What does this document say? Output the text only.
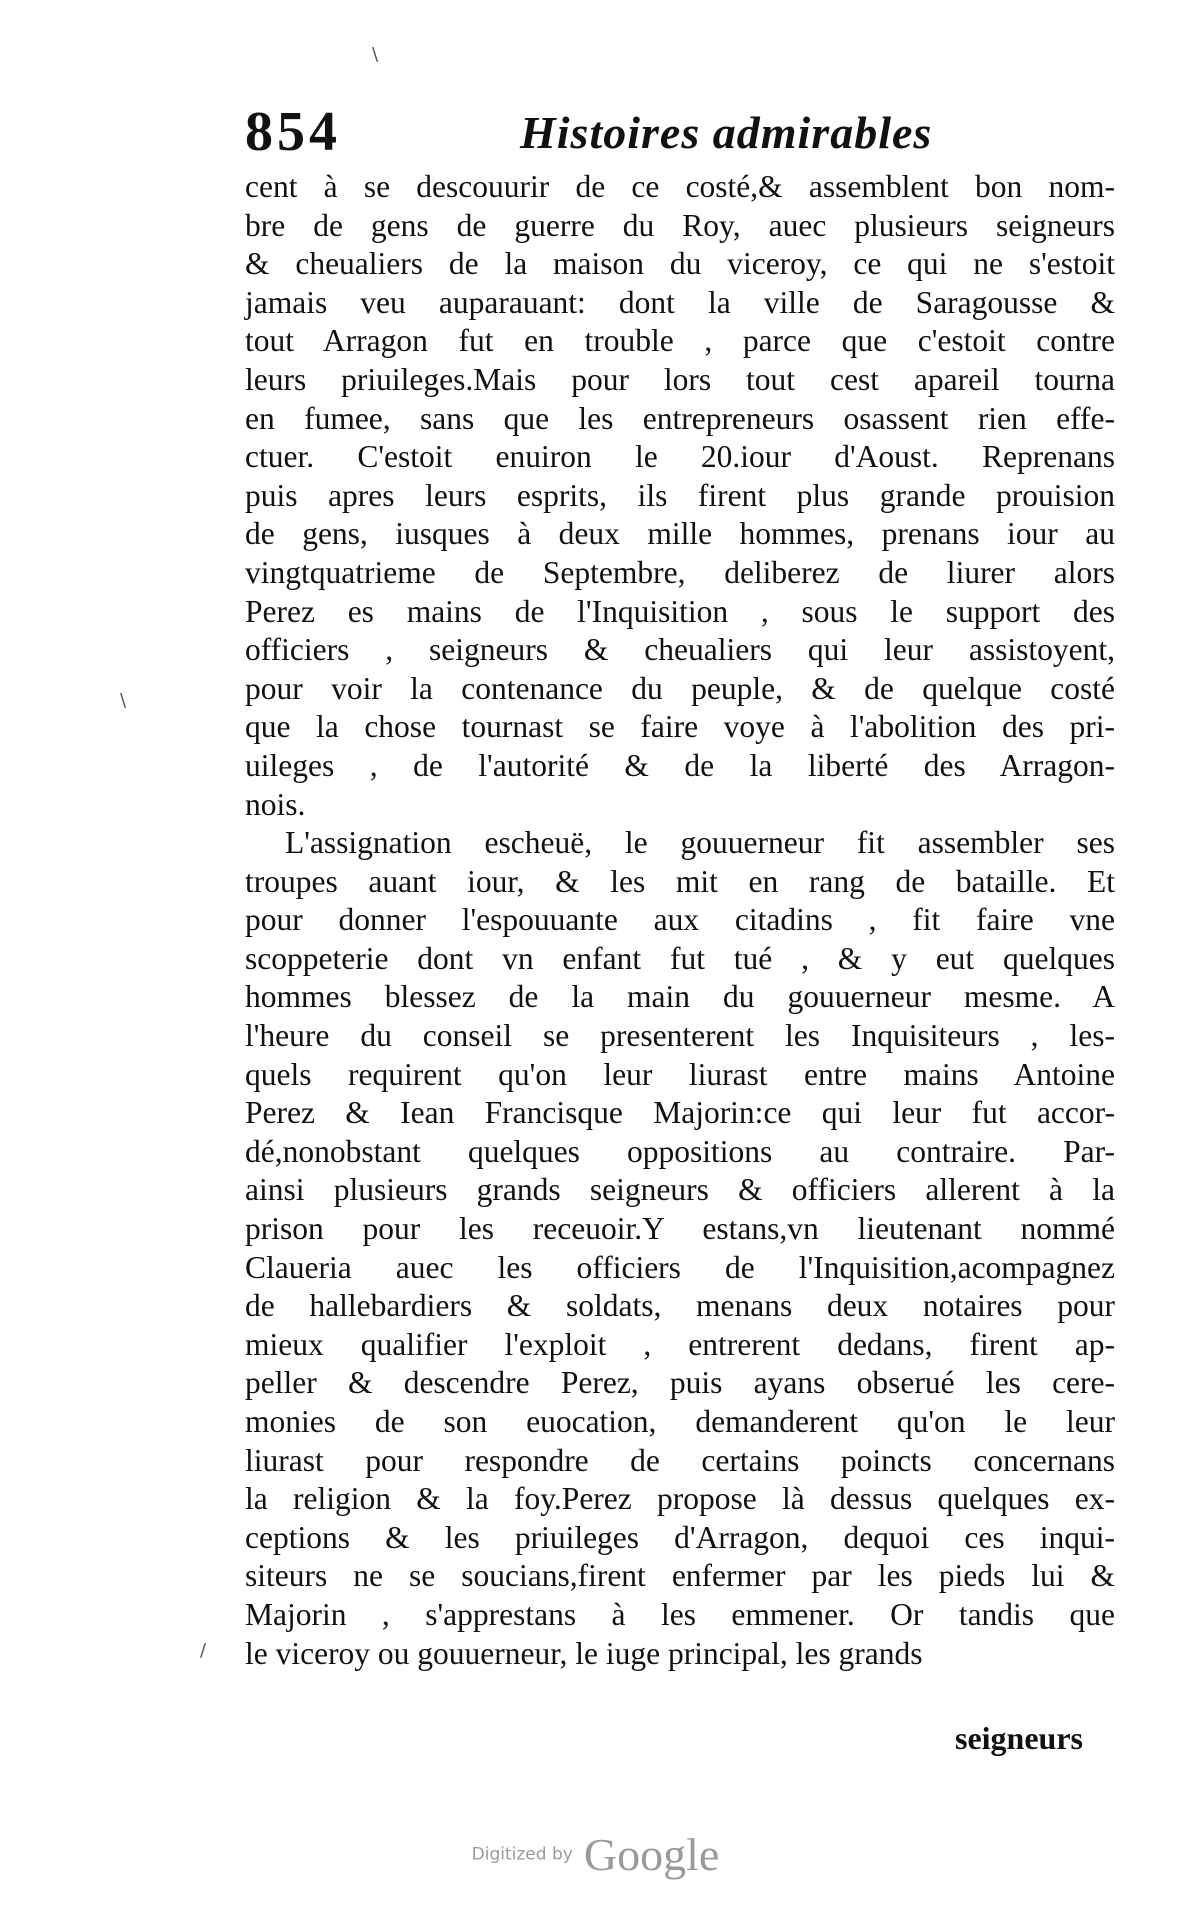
\
\
/
854	Histoires admirables
cent à se descouurir de ce costé,& assemblent bon nom-
bre de gens de guerre du Roy, auec plusieurs seigneurs
& cheualiers de la maison du viceroy, ce qui ne s'estoit
jamais veu auparauant: dont la ville de Saragousse &
tout Arragon fut en trouble , parce que c'estoit contre
leurs priuileges.Mais pour lors tout cest apareil tourna
en fumee, sans que les entrepreneurs osassent rien effe-
ctuer. C'estoit enuiron le 20.iour d'Aoust. Reprenans
puis apres leurs esprits, ils firent plus grande prouision
de gens, iusques à deux mille hommes, prenans iour au
vingtquatrieme de Septembre, deliberez de liurer alors
Perez es mains de l'Inquisition , sous le support des
officiers , seigneurs & cheualiers qui leur assistoyent,
pour voir la contenance du peuple, & de quelque costé
que la chose tournast se faire voye à l'abolition des pri-
uileges , de l'autorité & de la liberté des Arragon-
nois.
L'assignation escheuë, le gouuerneur fit assembler ses
troupes auant iour, & les mit en rang de bataille. Et
pour donner l'espouuante aux citadins , fit faire vne
scoppeterie dont vn enfant fut tué , & y eut quelques
hommes blessez de la main du gouuerneur mesme. A
l'heure du conseil se presenterent les Inquisiteurs , les-
quels requirent qu'on leur liurast entre mains Antoine
Perez & Iean Francisque Majorin:ce qui leur fut accor-
dé,nonobstant quelques oppositions au contraire. Par-
ainsi plusieurs grands seigneurs & officiers allerent à la
prison pour les receuoir.Y estans,vn lieutenant nommé
Claueria auec les officiers de l'Inquisition,acompagnez
de hallebardiers & soldats, menans deux notaires pour
mieux qualifier l'exploit , entrerent dedans, firent ap-
peller & descendre Perez, puis ayans obserué les cere-
monies de son euocation, demanderent qu'on le leur
liurast pour respondre de certains poincts concernans
la religion & la foy.Perez propose là dessus quelques ex-
ceptions & les priuileges d'Arragon, dequoi ces inqui-
siteurs ne se soucians,firent enfermer par les pieds lui &
Majorin , s'apprestans à les emmener. Or tandis que
le viceroy ou gouuerneur, le iuge principal, les grands
seigneurs
Digitized by Google
